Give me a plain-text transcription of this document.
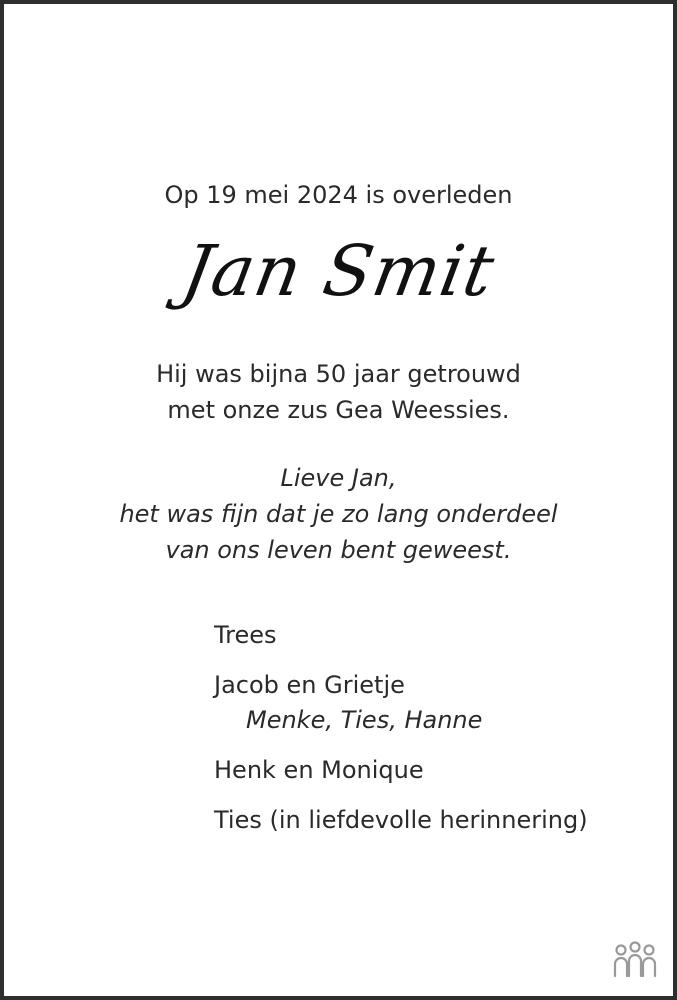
Op 19 mei 2024 is overleden
Jan Smit
Hij was bijna 50 jaar getrouwd
met onze zus Gea Weessies.
Lieve Jan,
het was fijn dat je zo lang onderdeel
van ons leven bent geweest.
Trees
Jacob en Grietje
Menke, Ties, Hanne
Henk en Monique
Ties (in liefdevolle herinnering)
